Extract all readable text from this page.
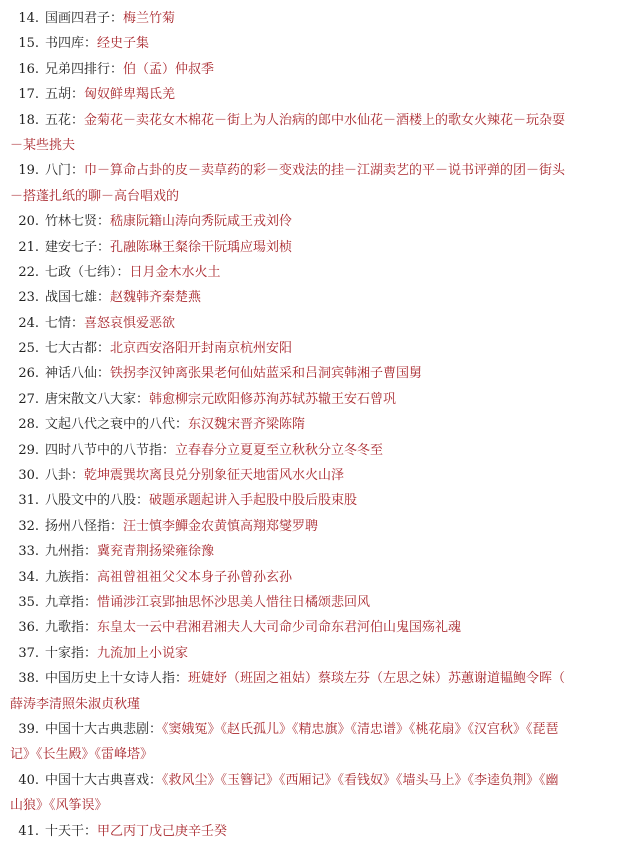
14. 国画四君子：梅兰竹菊
15. 书四库：经史子集
16. 兄弟四排行：伯（孟）仲叔季
17. 五胡：匈奴鲜卑羯氐羌
18. 五花：金菊花－卖花女木棉花－街上为人治病的郎中水仙花－酒楼上的歌女火辣花－玩杂耍
－某些挑夫
19. 八门：巾－算命占卦的皮－卖草药的彩－变戏法的挂－江湖卖艺的平－说书评弹的团－街头
－搭蓬扎纸的聊－高台唱戏的
20. 竹林七贤：嵇康阮籍山涛向秀阮咸王戎刘伶
21. 建安七子：孔融陈琳王粲徐干阮瑀应瑒刘桢
22. 七政（七纬）：日月金木水火土
23. 战国七雄：赵魏韩齐秦楚燕
24. 七情：喜怒哀惧爱恶欲
25. 七大古都：北京西安洛阳开封南京杭州安阳
26. 神话八仙：铁拐李汉钟离张果老何仙姑蓝采和吕洞宾韩湘子曹国舅
27. 唐宋散文八大家：韩愈柳宗元欧阳修苏洵苏轼苏辙王安石曾巩
28. 文起八代之衰中的八代：东汉魏宋晋齐梁陈隋
29. 四时八节中的八节指：立春春分立夏夏至立秋秋分立冬冬至
30. 八卦：乾坤震巽坎离艮兑分别象征天地雷风水火山泽
31. 八股文中的八股：破题承题起讲入手起股中股后股束股
32. 扬州八怪指：汪士慎李鱓金农黄慎高翔郑燮罗聘
33. 九州指：冀兖青荆扬梁雍徐豫
34. 九族指：高祖曾祖祖父父本身子孙曾孙玄孙
35. 九章指：惜诵涉江哀郢抽思怀沙思美人惜往日橘颂悲回风
36. 九歌指：东皇太一云中君湘君湘夫人大司命少司命东君河伯山鬼国殇礼魂
37. 十家指：九流加上小说家
38. 中国历史上十女诗人指：班婕妤（班固之祖姑）蔡琰左芬（左思之妹）苏蕙谢道韫鲍令晖（
薛涛李清照朱淑贞秋瑾
39. 中国十大古典悲剧：《窦娥冤》《赵氏孤儿》《精忠旗》《清忠谱》《桃花扇》《汉宫秋》《琵琶
记》《长生殿》《雷峰塔》
40. 中国十大古典喜戏：《救风尘》《玉簪记》《西厢记》《看钱奴》《墙头马上》《李逵负荆》《幽
山狼》《风筝误》
41. 十天干：甲乙丙丁戊己庚辛壬癸
